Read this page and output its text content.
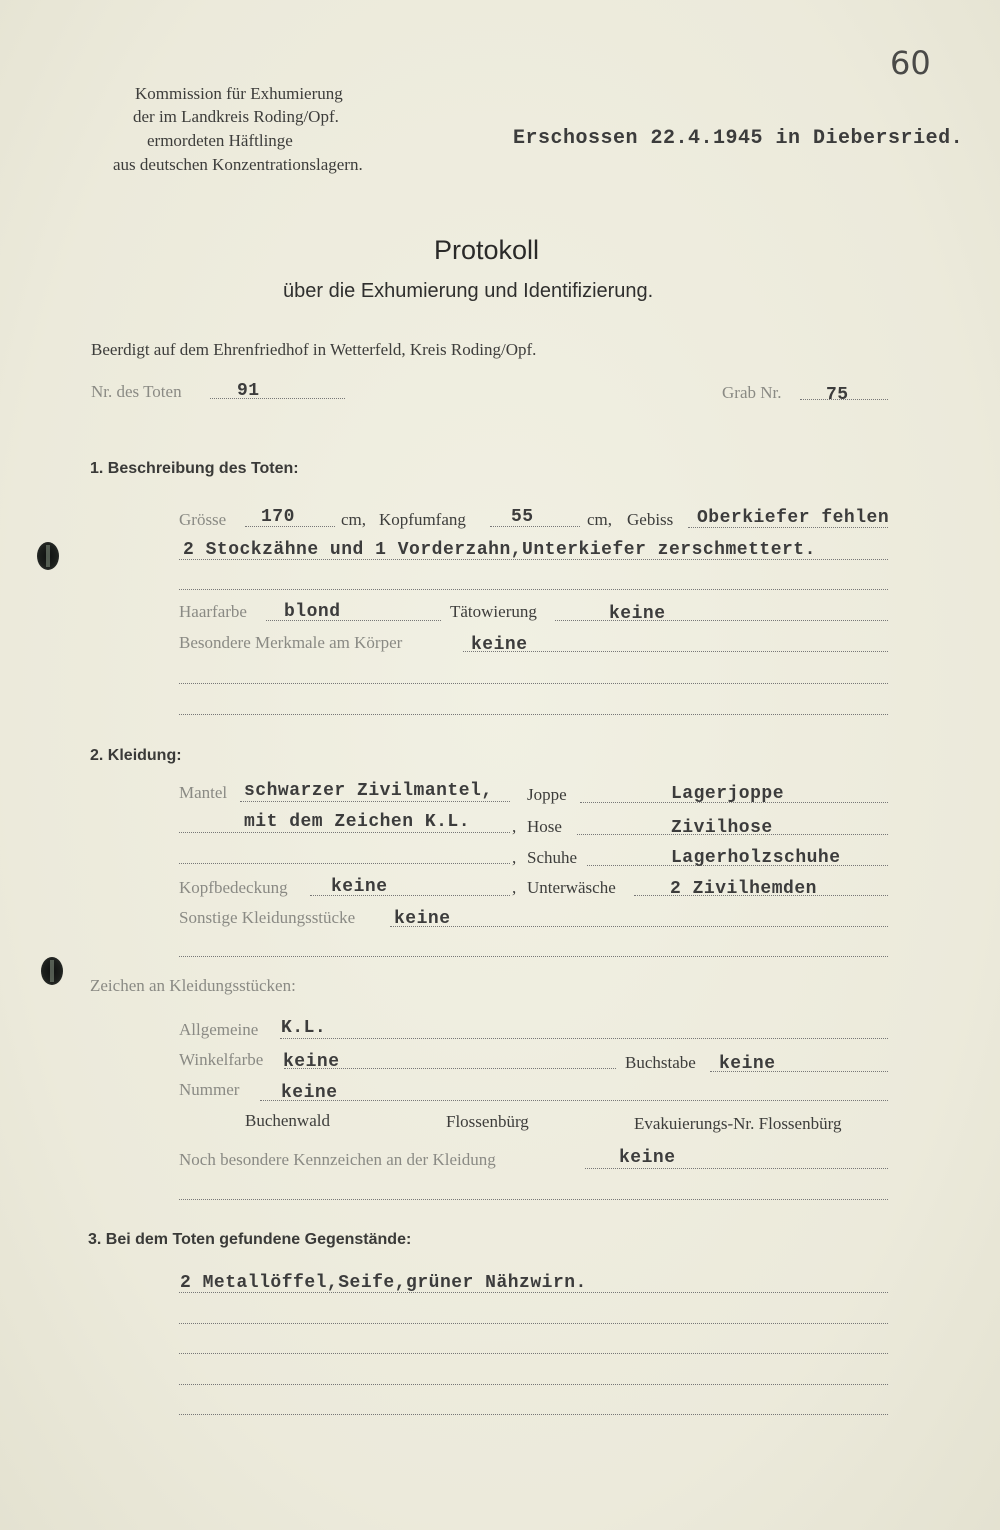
60
Kommission für Exhumierung
der im Landkreis Roding/Opf.
ermordeten Häftlinge
aus deutschen Konzentrationslagern.
Erschossen 22.4.1945 in Diebersried.
Protokoll
über die Exhumierung und Identifizierung.
Beerdigt auf dem Ehrenfriedhof in Wetterfeld, Kreis Roding/Opf.
Nr. des Toten	91	Grab Nr. 75
1. Beschreibung des Toten:
Grösse 170	cm, Kopfumfang	55	cm, Gebiss Oberkiefer fehlen
2 Stockzähne und 1 Vorderzahn,Unterkiefer zerschmettert.
Haarfarbe blond	Tätowierung	keine
Besondere Merkmale am Körper	keine
2. Kleidung:
Mantel schwarzer Zivilmantel, Joppe	Lagerjoppe
mit dem Zeichen K.L. , Hose	Zivilhose
, Schuhe	Lagerholzschuhe
Kopfbedeckung keine	, Unterwäsche	2 Zivilhemden
Sonstige Kleidungsstücke keine
Zeichen an Kleidungsstücken:
Allgemeine K.L.
Winkelfarbe keine	Buchstabe keine
Nummer keine
Buchenwald	Flossenbürg	Evakuierungs-Nr. Flossenbürg
Noch besondere Kennzeichen an der Kleidung	keine
3. Bei dem Toten gefundene Gegenstände:
2 Metallöffel,Seife,grüner Nähzwirn.
